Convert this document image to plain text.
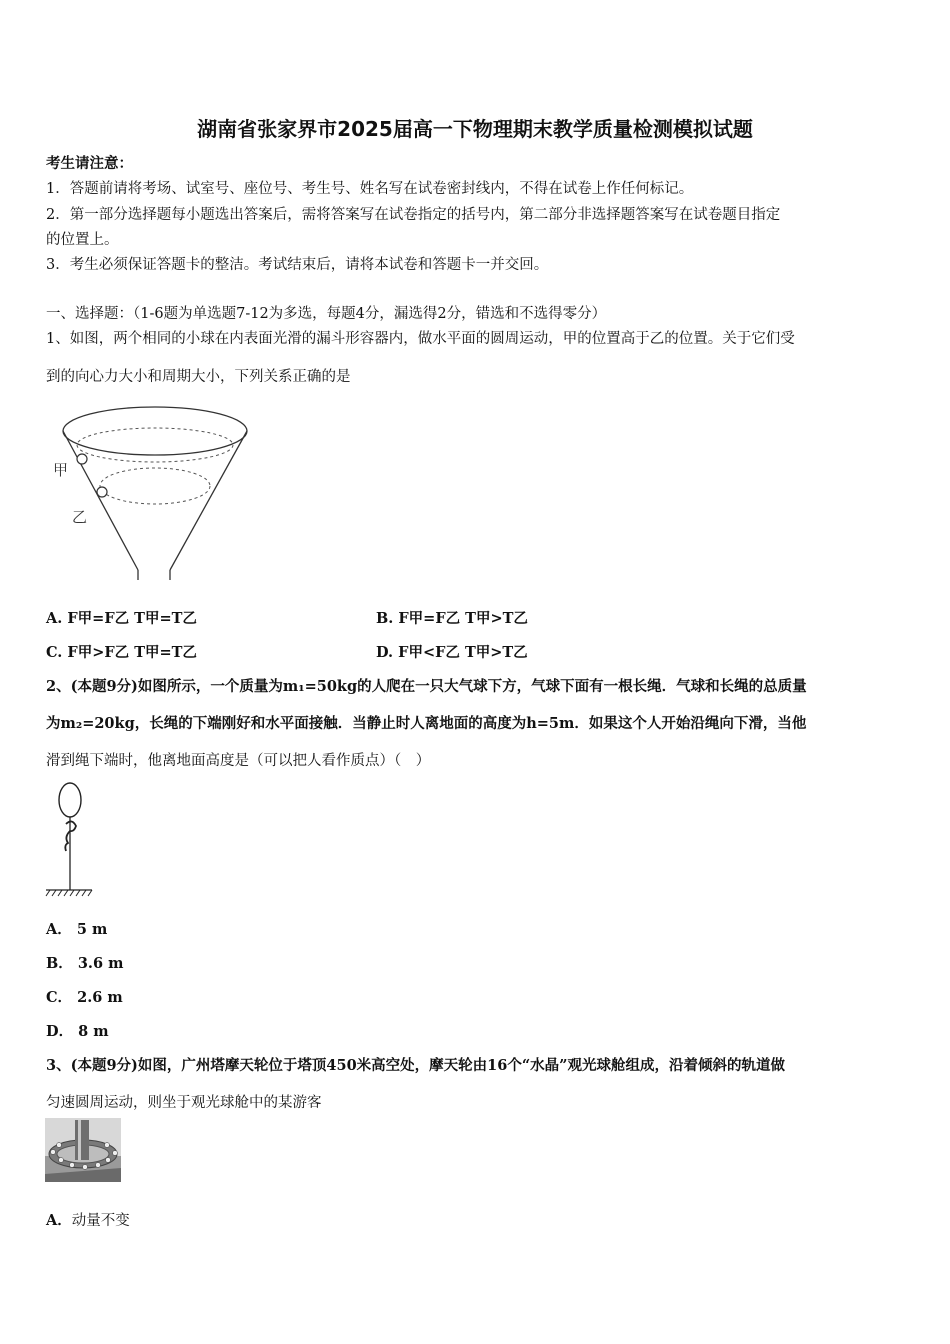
湖南省张家界市2025届高一下物理期末教学质量检测模拟试题
考生请注意：
1．答题前请将考场、试室号、座位号、考生号、姓名写在试卷密封线内，不得在试卷上作任何标记。
2．第一部分选择题每小题选出答案后，需将答案写在试卷指定的括号内，第二部分非选择题答案写在试卷题目指定
的位置上。
3．考生必须保证答题卡的整洁。考试结束后，请将本试卷和答题卡一并交回。
一、选择题：（1-6题为单选题7-12为多选，每题4分，漏选得2分，错选和不选得零分）
1、如图，两个相同的小球在内表面光滑的漏斗形容器内，做水平面的圆周运动，甲的位置高于乙的位置。关于它们受
到的向心力大小和周期大小，下列关系正确的是
甲
乙
A. F甲=F乙 T甲=T乙	B. F甲=F乙 T甲>T乙
C. F甲>F乙 T甲=T乙	D. F甲<F乙 T甲>T乙
2、(本题9分)如图所示，一个质量为m₁=50kg的人爬在一只大气球下方，气球下面有一根长绳．气球和长绳的总质量
为m₂=20kg，长绳的下端刚好和水平面接触．当静止时人离地面的高度为h=5m．如果这个人开始沿绳向下滑，当他
滑到绳下端时，他离地面高度是（可以把人看作质点）（　）
A． 5 m
B． 3.6 m
C． 2.6 m
D． 8 m
3、(本题9分)如图，广州塔摩天轮位于塔顶450米高空处，摩天轮由16个“水晶”观光球舱组成，沿着倾斜的轨道做
匀速圆周运动，则坐于观光球舱中的某游客
A．动量不变
